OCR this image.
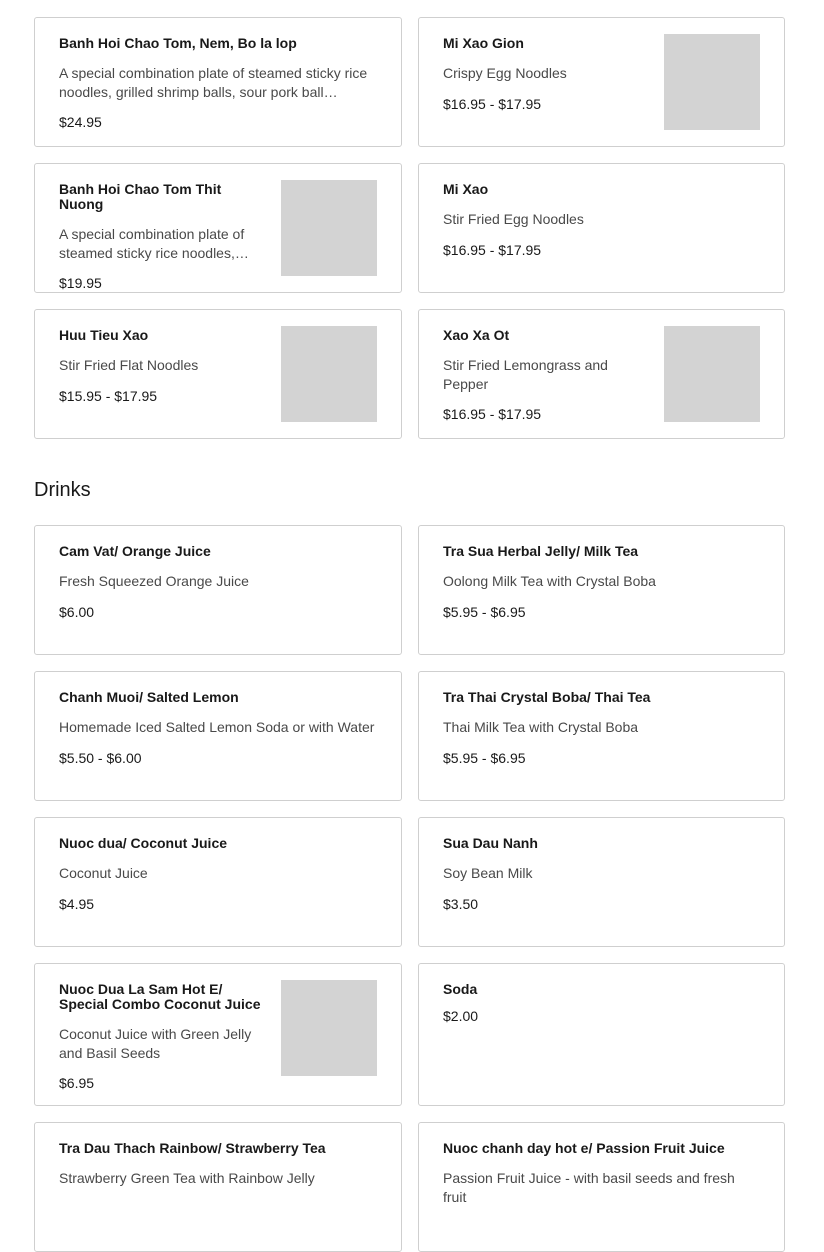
Banh Hoi Chao Tom, Nem, Bo la lop
A special combination plate of steamed sticky rice noodles, grilled shrimp balls, sour pork ball…
$24.95
Mi Xao Gion
Crispy Egg Noodles
$16.95 - $17.95
Banh Hoi Chao Tom Thit Nuong
A special combination plate of steamed sticky rice noodles,…
$19.95
Mi Xao
Stir Fried Egg Noodles
$16.95 - $17.95
Huu Tieu Xao
Stir Fried Flat Noodles
$15.95 - $17.95
Xao Xa Ot
Stir Fried Lemongrass and Pepper
$16.95 - $17.95
Drinks
Cam Vat/ Orange Juice
Fresh Squeezed Orange Juice
$6.00
Tra Sua Herbal Jelly/ Milk Tea
Oolong Milk Tea with Crystal Boba
$5.95 - $6.95
Chanh Muoi/ Salted Lemon
Homemade Iced Salted Lemon Soda or with Water
$5.50 - $6.00
Tra Thai Crystal Boba/ Thai Tea
Thai Milk Tea with Crystal Boba
$5.95 - $6.95
Nuoc dua/ Coconut Juice
Coconut Juice
$4.95
Sua Dau Nanh
Soy Bean Milk
$3.50
Nuoc Dua La Sam Hot E/ Special Combo Coconut Juice
Coconut Juice with Green Jelly and Basil Seeds
$6.95
Soda
$2.00
Tra Dau Thach Rainbow/ Strawberry Tea
Strawberry Green Tea with Rainbow Jelly
Nuoc chanh day hot e/ Passion Fruit Juice
Passion Fruit Juice - with basil seeds and fresh fruit
